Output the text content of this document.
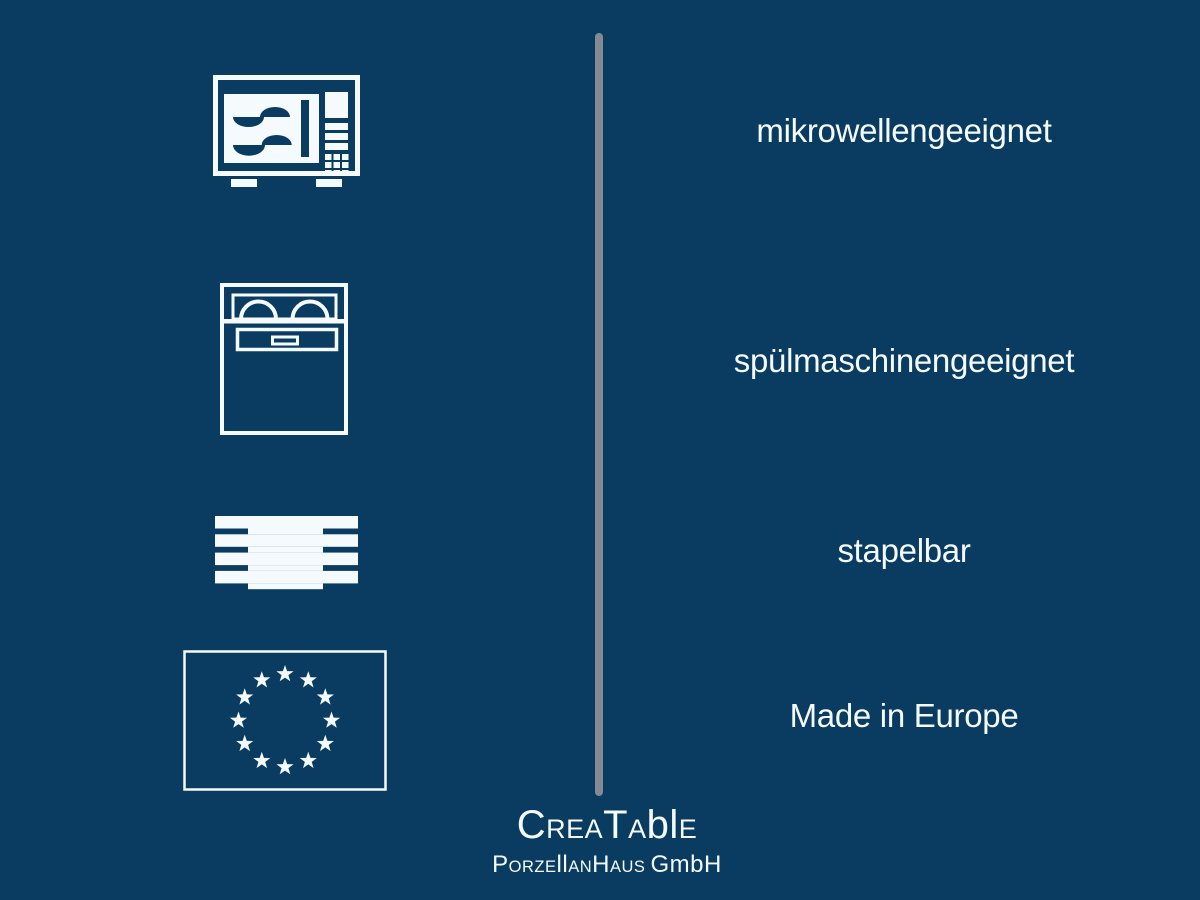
mikrowellengeeignet
spülmaschinengeeignet
stapelbar
Made in Europe
CREATAblE
PORZEllANHAUS GmbH
